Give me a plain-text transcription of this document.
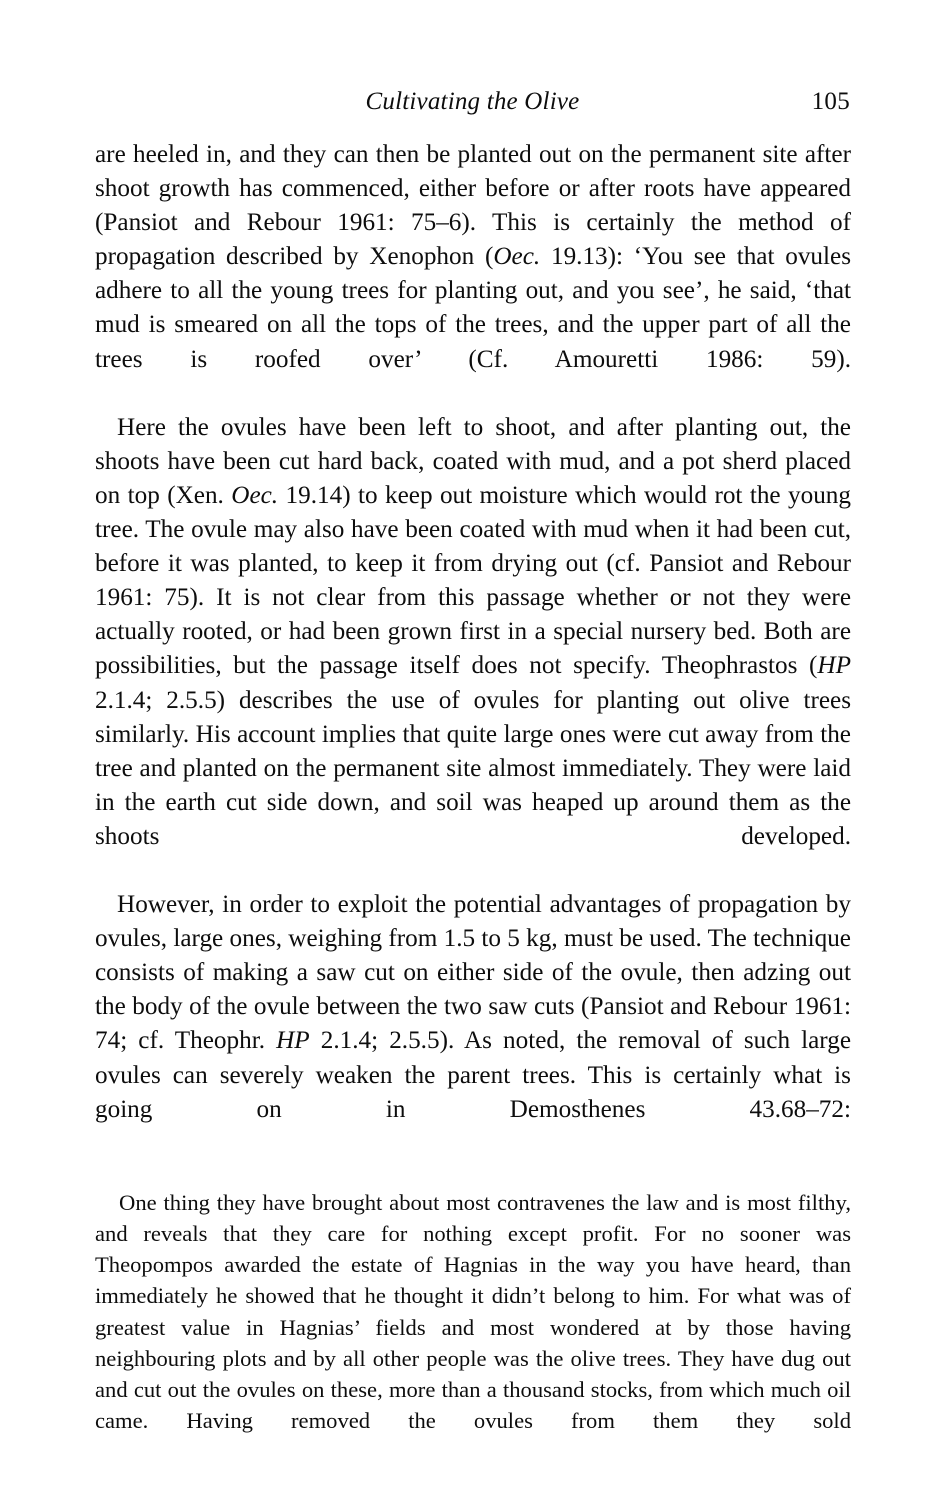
Cultivating the Olive	105

are heeled in, and they can then be planted out on the permanent site after shoot growth has commenced, either before or after roots have appeared (Pansiot and Rebour 1961: 75–6). This is certainly the method of propagation described by Xenophon (Oec. 19.13): ‘You see that ovules adhere to all the young trees for planting out, and you see’, he said, ‘that mud is smeared on all the tops of the trees, and the upper part of all the trees is roofed over’ (Cf. Amouretti 1986: 59).

Here the ovules have been left to shoot, and after planting out, the shoots have been cut hard back, coated with mud, and a pot sherd placed on top (Xen. Oec. 19.14) to keep out moisture which would rot the young tree. The ovule may also have been coated with mud when it had been cut, before it was planted, to keep it from drying out (cf. Pansiot and Rebour 1961: 75). It is not clear from this passage whether or not they were actually rooted, or had been grown first in a special nursery bed. Both are possibilities, but the passage itself does not specify. Theophrastos (HP 2.1.4; 2.5.5) describes the use of ovules for planting out olive trees similarly. His account implies that quite large ones were cut away from the tree and planted on the permanent site almost immediately. They were laid in the earth cut side down, and soil was heaped up around them as the shoots developed.

However, in order to exploit the potential advantages of propagation by ovules, large ones, weighing from 1.5 to 5 kg, must be used. The technique consists of making a saw cut on either side of the ovule, then adzing out the body of the ovule between the two saw cuts (Pansiot and Rebour 1961: 74; cf. Theophr. HP 2.1.4; 2.5.5). As noted, the removal of such large ovules can severely weaken the parent trees. This is certainly what is going on in Demosthenes 43.68–72:

One thing they have brought about most contravenes the law and is most filthy, and reveals that they care for nothing except profit. For no sooner was Theopompos awarded the estate of Hagnias in the way you have heard, than immediately he showed that he thought it didn’t belong to him. For what was of greatest value in Hagnias’ fields and most wondered at by those having neighbouring plots and by all other people was the olive trees. They have dug out and cut out the ovules on these, more than a thousand stocks, from which much oil came. Having removed the ovules from them they sold
